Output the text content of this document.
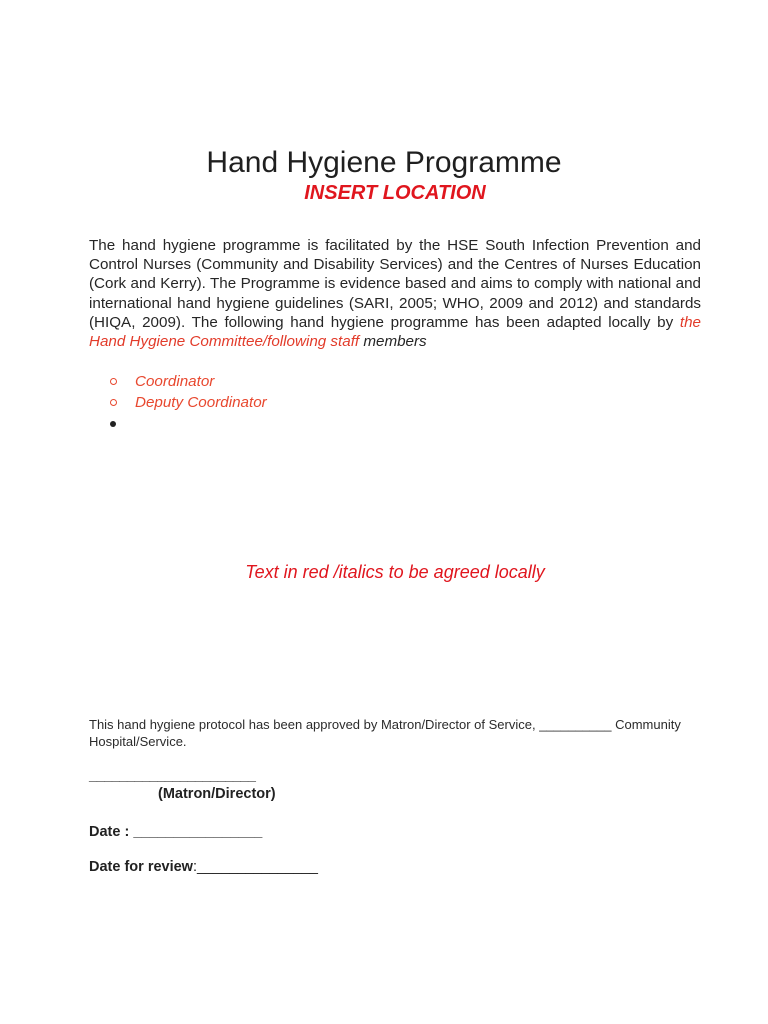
Hand Hygiene Programme
INSERT LOCATION

The hand hygiene programme is facilitated by the HSE South Infection Prevention and Control Nurses (Community and Disability Services) and the Centres of Nurses Education (Cork and Kerry). The Programme is evidence based and aims to comply with national and international hand hygiene guidelines (SARI, 2005; WHO, 2009 and 2012) and standards (HIQA, 2009). The following hand hygiene programme has been adapted locally by the Hand Hygiene Committee/following staff members

Coordinator
Deputy Coordinator

Text in red /italics to be agreed locally

This hand hygiene protocol has been approved by Matron/Director of Service, __________ Community Hospital/Service.

______________________
(Matron/Director)
Date : ________________
Date for review:_______________
